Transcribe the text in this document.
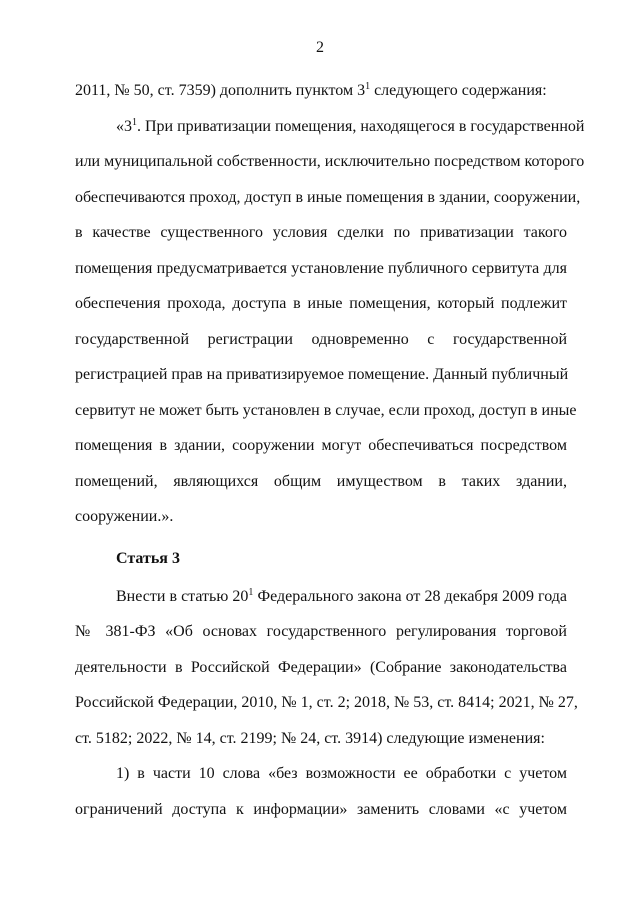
2

2011, № 50, ст. 7359) дополнить пунктом $3^1$ следующего содержания:

«$3^1$. При приватизации помещения, находящегося в государственной
или муниципальной собственности, исключительно посредством которого
обеспечиваются проход, доступ в иные помещения в здании, сооружении,
в качестве существенного условия сделки по приватизации такого
помещения предусматривается установление публичного сервитута для
обеспечения прохода, доступа в иные помещения, который подлежит
государственной регистрации одновременно с государственной
регистрацией прав на приватизируемое помещение. Данный публичный
сервитут не может быть установлен в случае, если проход, доступ в иные
помещения в здании, сооружении могут обеспечиваться посредством
помещений, являющихся общим имуществом в таких здании,
сооружении.».

Статья 3

Внести в статью $20^1$ Федерального закона от 28 декабря 2009 года
№ 381-ФЗ «Об основах государственного регулирования торговой
деятельности в Российской Федерации» (Собрание законодательства
Российской Федерации, 2010, № 1, ст. 2; 2018, № 53, ст. 8414; 2021, № 27,
ст. 5182; 2022, № 14, ст. 2199; № 24, ст. 3914) следующие изменения:

1) в части 10 слова «без возможности ее обработки с учетом
ограничений доступа к информации» заменить словами «с учетом
